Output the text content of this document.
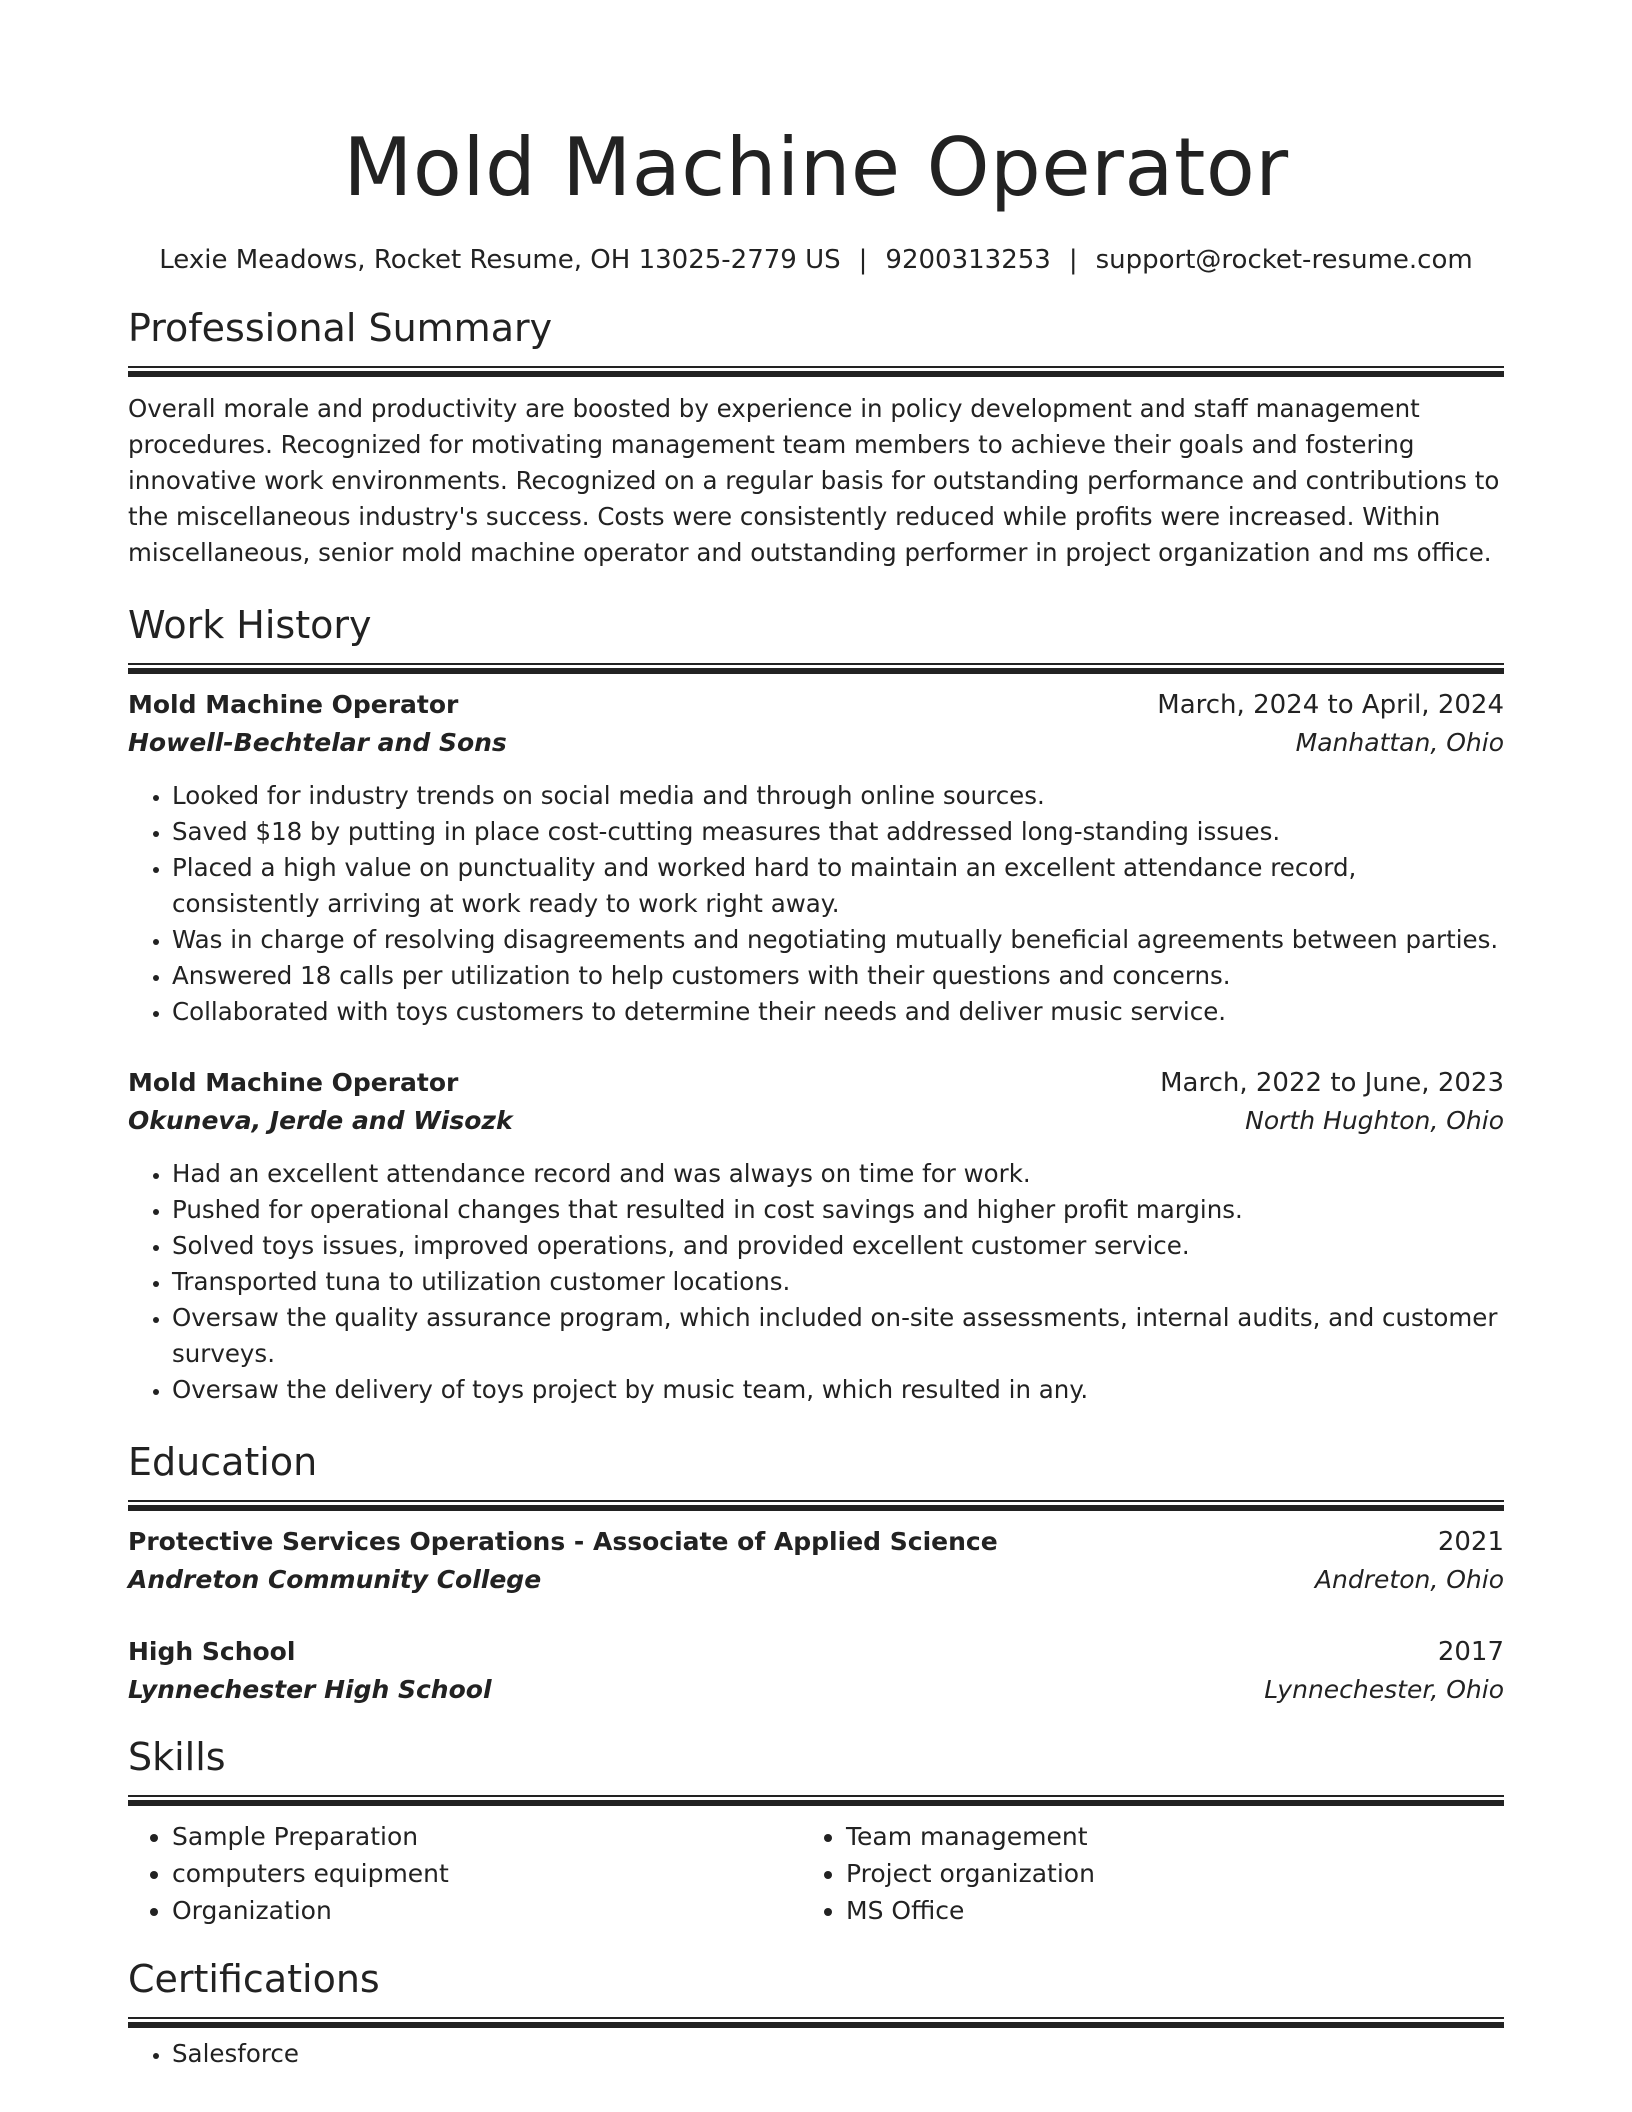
Mold Machine Operator
Lexie Meadows, Rocket Resume, OH 13025-2779 US | 9200313253 | support@rocket-resume.com
Professional Summary

Overall morale and productivity are boosted by experience in policy development and staff management procedures. Recognized for motivating management team members to achieve their goals and fostering innovative work environments. Recognized on a regular basis for outstanding performance and contributions to the miscellaneous industry's success. Costs were consistently reduced while profits were increased. Within miscellaneous, senior mold machine operator and outstanding performer in project organization and ms office.

Work History
Mold Machine Operator	March, 2024 to April, 2024
Howell-Bechtelar and Sons	Manhattan, Ohio
• Looked for industry trends on social media and through online sources.
• Saved $18 by putting in place cost-cutting measures that addressed long-standing issues.
• Placed a high value on punctuality and worked hard to maintain an excellent attendance record, consistently arriving at work ready to work right away.
• Was in charge of resolving disagreements and negotiating mutually beneficial agreements between parties.
• Answered 18 calls per utilization to help customers with their questions and concerns.
• Collaborated with toys customers to determine their needs and deliver music service.
Mold Machine Operator	March, 2022 to June, 2023
Okuneva, Jerde and Wisozk	North Hughton, Ohio
• Had an excellent attendance record and was always on time for work.
• Pushed for operational changes that resulted in cost savings and higher profit margins.
• Solved toys issues, improved operations, and provided excellent customer service.
• Transported tuna to utilization customer locations.
• Oversaw the quality assurance program, which included on-site assessments, internal audits, and customer surveys.
• Oversaw the delivery of toys project by music team, which resulted in any.
Education
Protective Services Operations - Associate of Applied Science	2021
Andreton Community College	Andreton, Ohio
High School	2017
Lynnechester High School	Lynnechester, Ohio
Skills
• Sample Preparation
• computers equipment
• Organization
• Team management
• Project organization
• MS Office
Certifications
• Salesforce
